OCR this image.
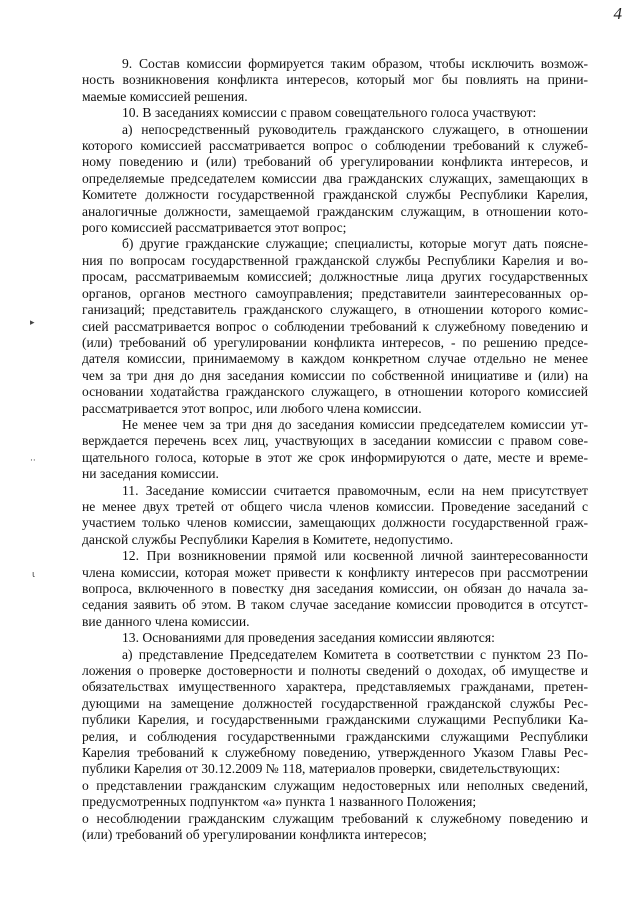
4
▸
··
ι
9. Состав комиссии формируется таким образом, чтобы исключить возмож-
ность возникновения конфликта интересов, который мог бы повлиять на прини-
маемые комиссией решения.
10. В заседаниях комиссии с правом совещательного голоса участвуют:
а) непосредственный руководитель гражданского служащего, в отношении
которого комиссией рассматривается вопрос о соблюдении требований к служеб-
ному поведению и (или) требований об урегулировании конфликта интересов, и
определяемые председателем комиссии два гражданских служащих, замещающих в
Комитете должности государственной гражданской службы Республики Карелия,
аналогичные должности, замещаемой гражданским служащим, в отношении кото-
рого комиссией рассматривается этот вопрос;
б) другие гражданские служащие; специалисты, которые могут дать поясне-
ния по вопросам государственной гражданской службы Республики Карелия и во-
просам, рассматриваемым комиссией; должностные лица других государственных
органов, органов местного самоуправления; представители заинтересованных ор-
ганизаций; представитель гражданского служащего, в отношении которого комис-
сией рассматривается вопрос о соблюдении требований к служебному поведению и
(или) требований об урегулировании конфликта интересов, - по решению предсе-
дателя комиссии, принимаемому в каждом конкретном случае отдельно не менее
чем за три дня до дня заседания комиссии по собственной инициативе и (или) на
основании ходатайства гражданского служащего, в отношении которого комиссией
рассматривается этот вопрос, или любого члена комиссии.
Не менее чем за три дня до заседания комиссии председателем комиссии ут-
верждается перечень всех лиц, участвующих в заседании комиссии с правом сове-
щательного голоса, которые в этот же срок информируются о дате, месте и време-
ни заседания комиссии.
11. Заседание комиссии считается правомочным, если на нем присутствует
не менее двух третей от общего числа членов комиссии. Проведение заседаний с
участием только членов комиссии, замещающих должности государственной граж-
данской службы Республики Карелия в Комитете, недопустимо.
12. При возникновении прямой или косвенной личной заинтересованности
члена комиссии, которая может привести к конфликту интересов при рассмотрении
вопроса, включенного в повестку дня заседания комиссии, он обязан до начала за-
седания заявить об этом. В таком случае заседание комиссии проводится в отсутст-
вие данного члена комиссии.
13. Основаниями для проведения заседания комиссии являются:
а) представление Председателем Комитета в соответствии с пунктом 23 По-
ложения о проверке достоверности и полноты сведений о доходах, об имуществе и
обязательствах имущественного характера, представляемых гражданами, претен-
дующими на замещение должностей государственной гражданской службы Рес-
публики Карелия, и государственными гражданскими служащими Республики Ка-
релия, и соблюдения государственными гражданскими служащими Республики
Карелия требований к служебному поведению, утвержденного Указом Главы Рес-
публики Карелия от 30.12.2009 № 118, материалов проверки, свидетельствующих:
о представлении гражданским служащим недостоверных или неполных сведений,
предусмотренных подпунктом «а» пункта 1 названного Положения;
о несоблюдении гражданским служащим требований к служебному поведению и
(или) требований об урегулировании конфликта интересов;
